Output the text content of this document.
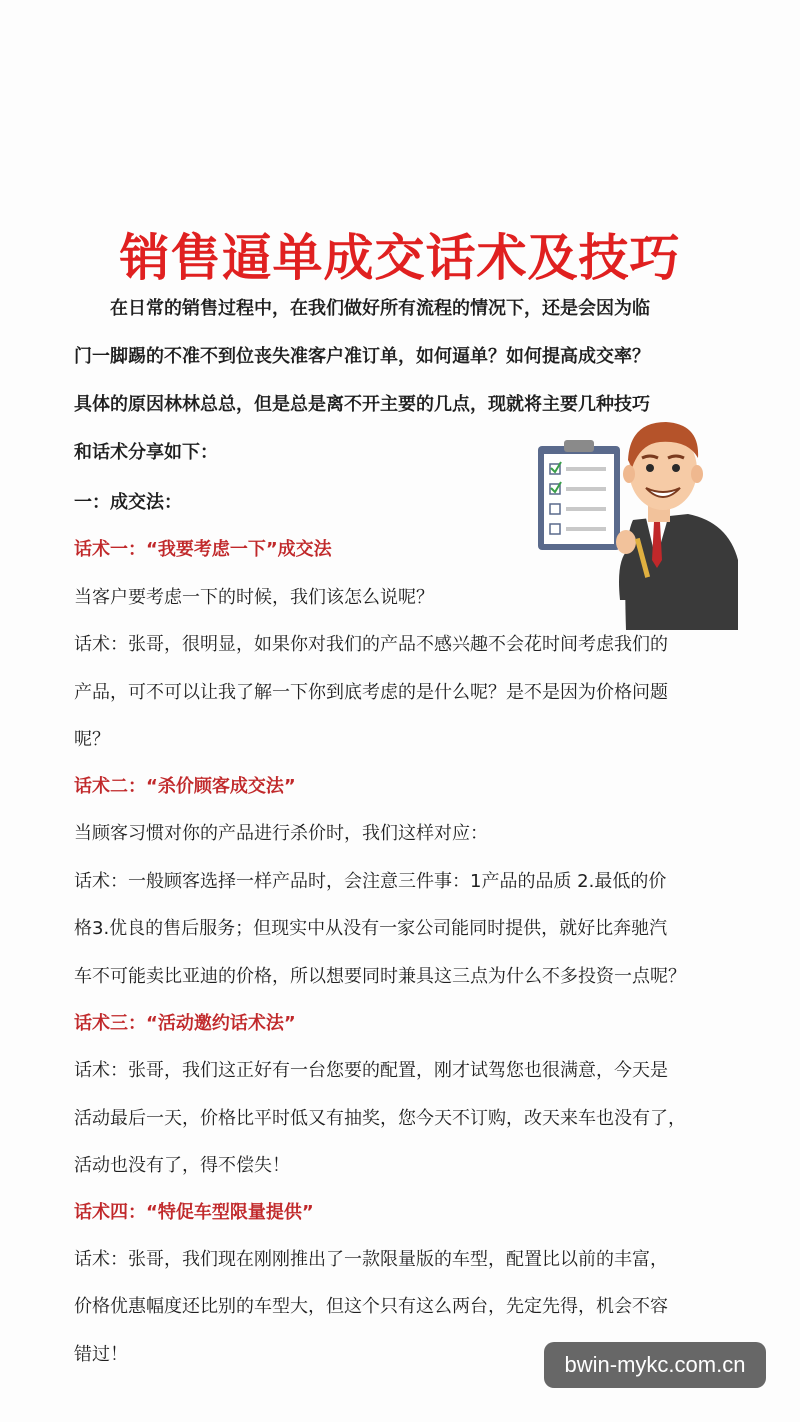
销售逼单成交话术及技巧
　　在日常的销售过程中，在我们做好所有流程的情况下，还是会因为临
门一脚踢的不准不到位丧失准客户准订单，如何逼单？如何提高成交率？
具体的原因林林总总，但是总是离不开主要的几点，现就将主要几种技巧
和话术分享如下：
一：成交法：
话术一：“我要考虑一下”成交法
当客户要考虑一下的时候，我们该怎么说呢？
话术：张哥，很明显，如果你对我们的产品不感兴趣不会花时间考虑我们的
产品，可不可以让我了解一下你到底考虑的是什么呢？是不是因为价格问题
呢？
话术二：“杀价顾客成交法”
当顾客习惯对你的产品进行杀价时，我们这样对应：
话术：一般顾客选择一样产品时，会注意三件事：1产品的品质 2.最低的价
格3.优良的售后服务；但现实中从没有一家公司能同时提供，就好比奔驰汽
车不可能卖比亚迪的价格，所以想要同时兼具这三点为什么不多投资一点呢？
话术三：“活动邀约话术法”
话术：张哥，我们这正好有一台您要的配置，刚才试驾您也很满意，今天是
活动最后一天，价格比平时低又有抽奖，您今天不订购，改天来车也没有了，
活动也没有了，得不偿失！
话术四：“特促车型限量提供”
话术：张哥，我们现在刚刚推出了一款限量版的车型，配置比以前的丰富，
价格优惠幅度还比别的车型大，但这个只有这么两台，先定先得，机会不容
错过！	bwin-mykc.com.cn
